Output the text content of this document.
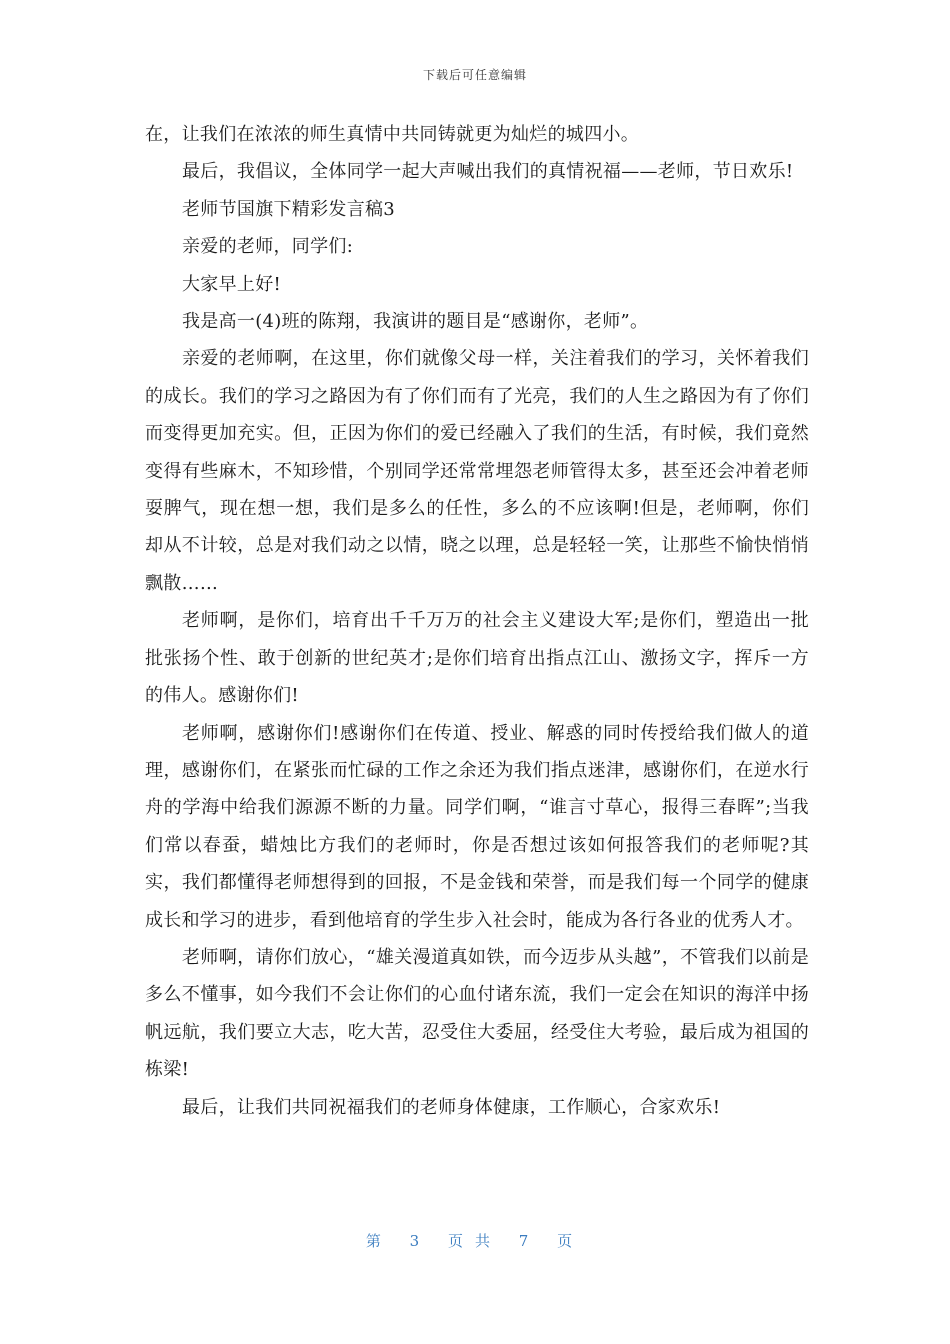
下载后可任意编辑

在，让我们在浓浓的师生真情中共同铸就更为灿烂的城四小。

最后，我倡议，全体同学一起大声喊出我们的真情祝福——老师，节日欢乐!

老师节国旗下精彩发言稿3

亲爱的老师，同学们:

大家早上好!

我是高一(4)班的陈翔，我演讲的题目是“感谢你，老师”。

亲爱的老师啊，在这里，你们就像父母一样，关注着我们的学习，关怀着我们的成长。我们的学习之路因为有了你们而有了光亮，我们的人生之路因为有了你们而变得更加充实。但，正因为你们的爱已经融入了我们的生活，有时候，我们竟然变得有些麻木，不知珍惜，个别同学还常常埋怨老师管得太多，甚至还会冲着老师耍脾气，现在想一想，我们是多么的任性，多么的不应该啊!但是，老师啊，你们却从不计较，总是对我们动之以情，晓之以理，总是轻轻一笑，让那些不愉快悄悄飘散……

老师啊，是你们，培育出千千万万的社会主义建设大军;是你们，塑造出一批批张扬个性、敢于创新的世纪英才;是你们培育出指点江山、激扬文字，挥斥一方的伟人。感谢你们!

老师啊，感谢你们!感谢你们在传道、授业、解惑的同时传授给我们做人的道理，感谢你们，在紧张而忙碌的工作之余还为我们指点迷津，感谢你们，在逆水行舟的学海中给我们源源不断的力量。同学们啊，“谁言寸草心，报得三春晖”;当我们常以春蚕，蜡烛比方我们的老师时，你是否想过该如何报答我们的老师呢?其实，我们都懂得老师想得到的回报，不是金钱和荣誉，而是我们每一个同学的健康成长和学习的进步，看到他培育的学生步入社会时，能成为各行各业的优秀人才。

老师啊，请你们放心，“雄关漫道真如铁，而今迈步从头越”，不管我们以前是多么不懂事，如今我们不会让你们的心血付诸东流，我们一定会在知识的海洋中扬帆远航，我们要立大志，吃大苦，忍受住大委屈，经受住大考验，最后成为祖国的栋梁!

最后，让我们共同祝福我们的老师身体健康，工作顺心，合家欢乐!

第 3 页共 7 页
